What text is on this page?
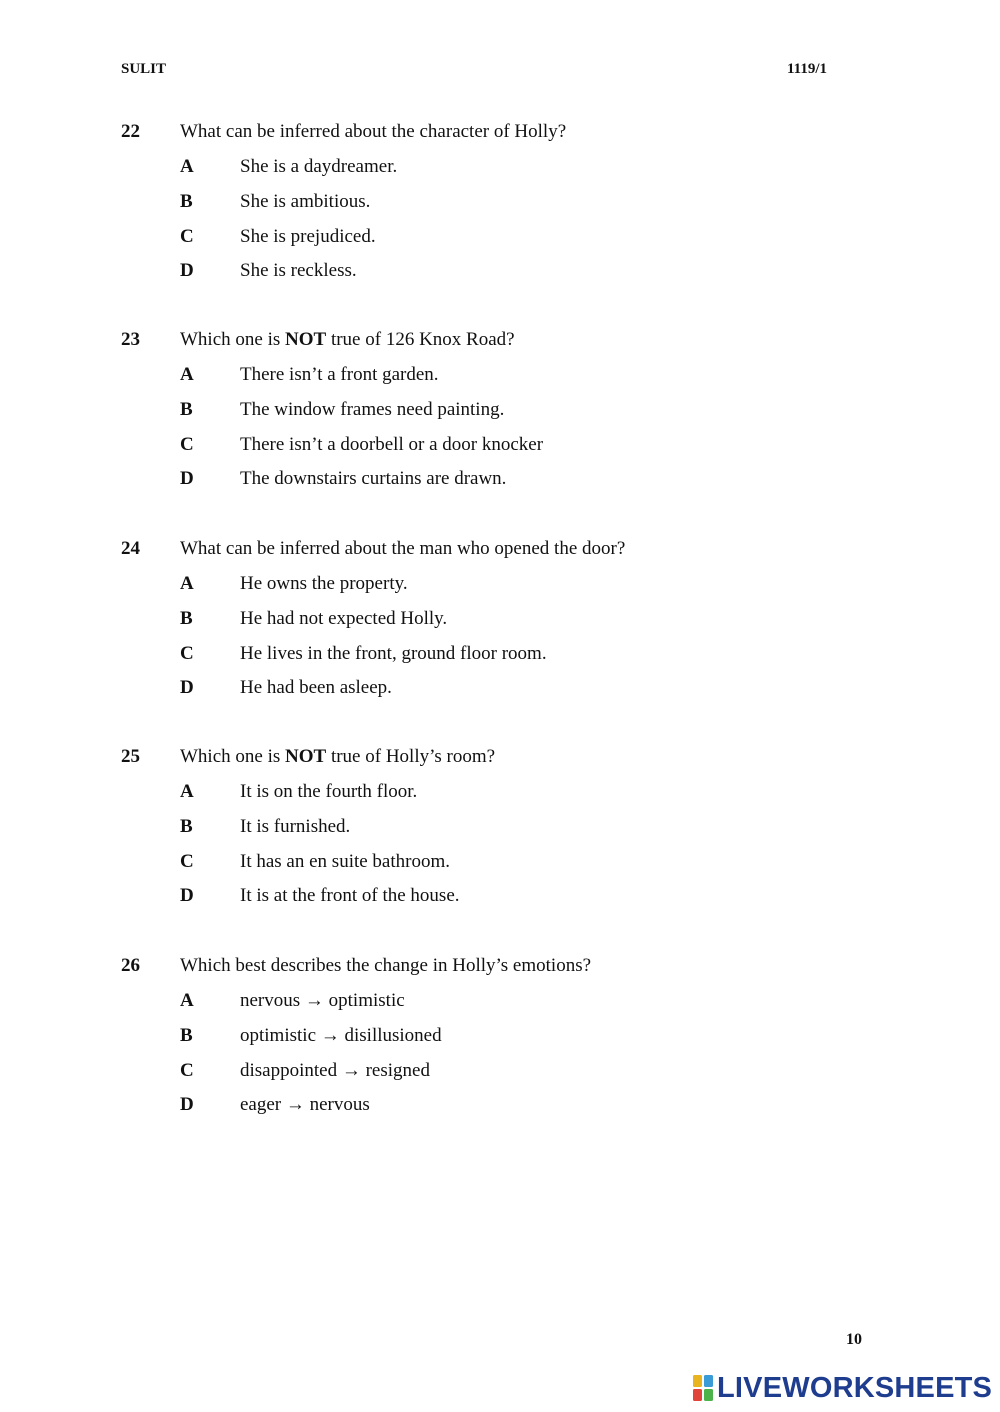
SULIT	1119/1
22 What can be inferred about the character of Holly?
A She is a daydreamer.
B She is ambitious.
C She is prejudiced.
D She is reckless.
23 Which one is NOT true of 126 Knox Road?
A There isn’t a front garden.
B The window frames need painting.
C There isn’t a doorbell or a door knocker
D The downstairs curtains are drawn.
24 What can be inferred about the man who opened the door?
A He owns the property.
B He had not expected Holly.
C He lives in the front, ground floor room.
D He had been asleep.
25 Which one is NOT true of Holly’s room?
A It is on the fourth floor.
B It is furnished.
C It has an en suite bathroom.
D It is at the front of the house.
26 Which best describes the change in Holly’s emotions?
A nervous → optimistic
B optimistic → disillusioned
C disappointed → resigned
D eager → nervous
10
LIVEWORKSHEETS
